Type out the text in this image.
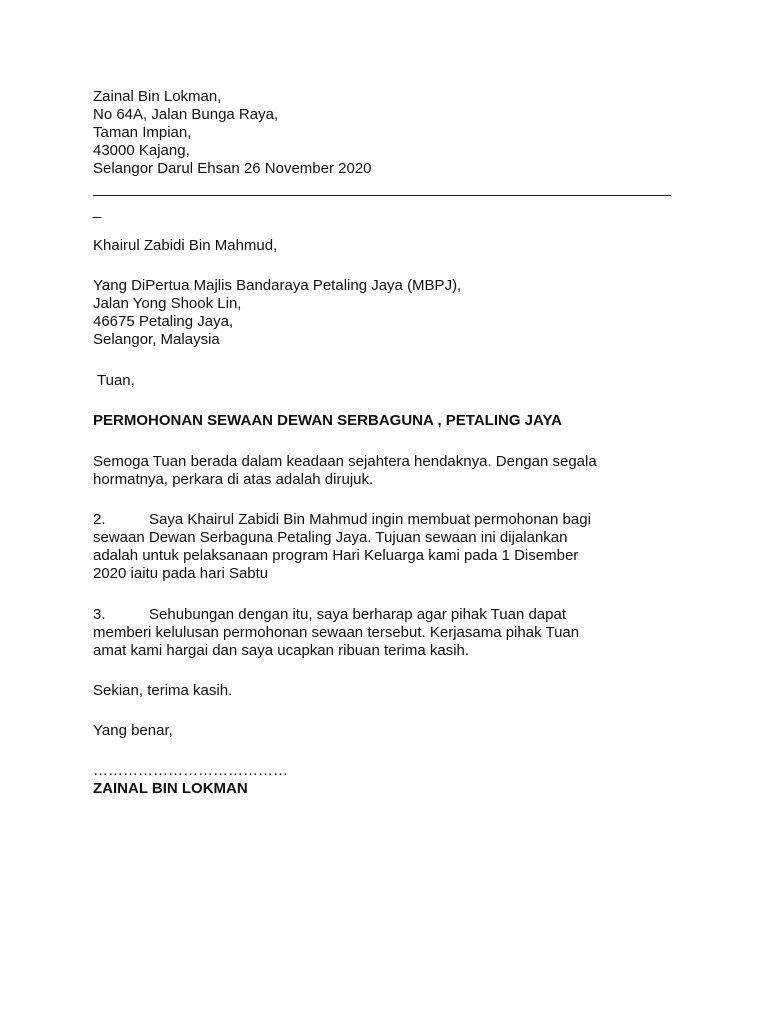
Zainal Bin Lokman,
No 64A, Jalan Bunga Raya,
Taman Impian,
43000 Kajang,
Selangor Darul Ehsan 26 November 2020
_
Khairul Zabidi Bin Mahmud,
Yang DiPertua Majlis Bandaraya Petaling Jaya (MBPJ),
Jalan Yong Shook Lin,
46675 Petaling Jaya,
Selangor, Malaysia
Tuan,
PERMOHONAN SEWAAN DEWAN SERBAGUNA , PETALING JAYA
Semoga Tuan berada dalam keadaan sejahtera hendaknya. Dengan segala
hormatnya, perkara di atas adalah dirujuk.
2.	Saya Khairul Zabidi Bin Mahmud ingin membuat permohonan bagi
sewaan Dewan Serbaguna Petaling Jaya. Tujuan sewaan ini dijalankan
adalah untuk pelaksanaan program Hari Keluarga kami pada 1 Disember
2020 iaitu pada hari Sabtu
3.	Sehubungan dengan itu, saya berharap agar pihak Tuan dapat
memberi kelulusan permohonan sewaan tersebut. Kerjasama pihak Tuan
amat kami hargai dan saya ucapkan ribuan terima kasih.
Sekian, terima kasih.
Yang benar,
…………………………………
ZAINAL BIN LOKMAN
